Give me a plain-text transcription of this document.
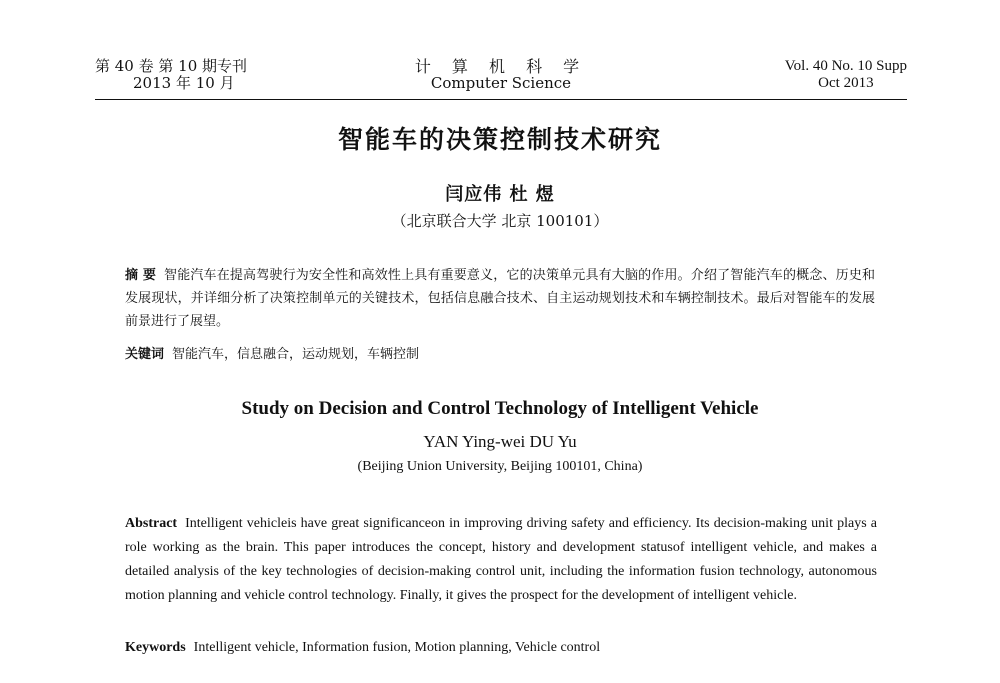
第 40 卷 第 10 期专刊
2013 年 10 月
计 算 机 科 学
Computer Science
Vol. 40 No. 10 Supp
Oct 2013
智能车的决策控制技术研究
闫应伟 杜 煜
（北京联合大学 北京 100101）
摘 要 智能汽车在提高驾驶行为安全性和高效性上具有重要意义，它的决策单元具有大脑的作用。介绍了智能汽车的概念、历史和发展现状，并详细分析了决策控制单元的关键技术，包括信息融合技术、自主运动规划技术和车辆控制技术。最后对智能车的发展前景进行了展望。
关键词 智能汽车，信息融合，运动规划，车辆控制
Study on Decision and Control Technology of Intelligent Vehicle
YAN Ying-wei DU Yu
(Beijing Union University, Beijing 100101, China)
Abstract Intelligent vehicleis have great significanceon in improving driving safety and efficiency. Its decision-making unit plays a role working as the brain. This paper introduces the concept, history and development statusof intelligent vehicle, and makes a detailed analysis of the key technologies of decision-making control unit, including the information fusion technology, autonomous motion planning and vehicle control technology. Finally, it gives the prospect for the development of intelligent vehicle.
Keywords Intelligent vehicle, Information fusion, Motion planning, Vehicle control
